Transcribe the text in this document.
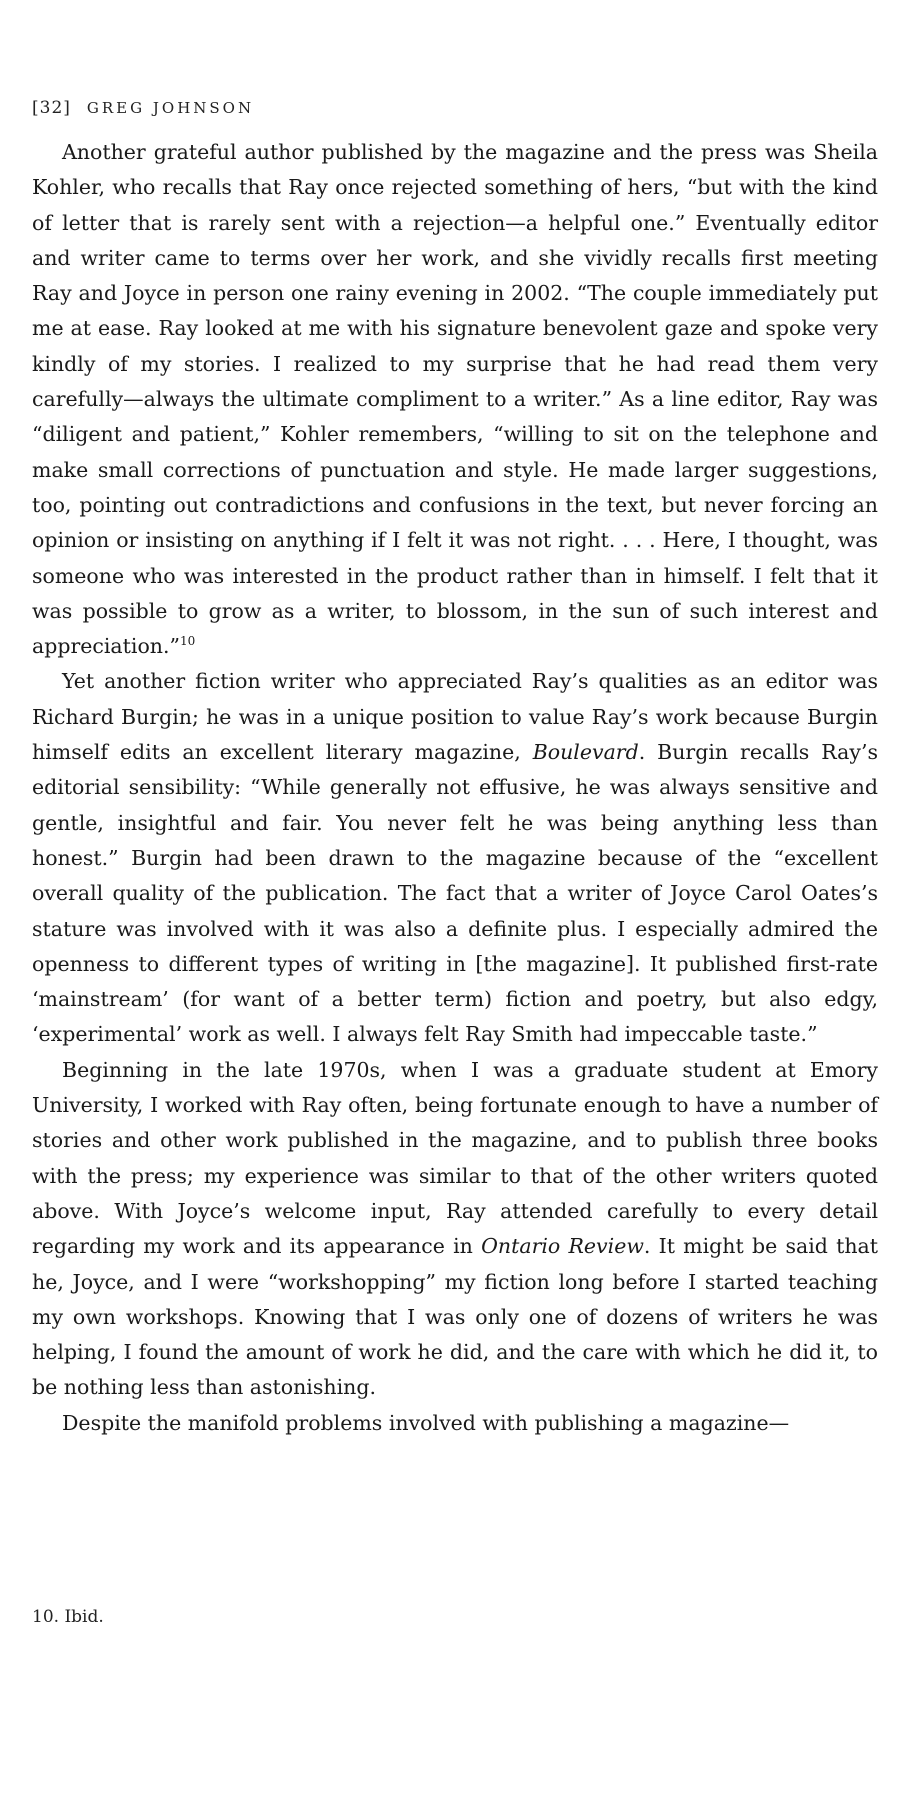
[32] GREG JOHNSON

Another grateful author published by the magazine and the press was Sheila Kohler, who recalls that Ray once rejected something of hers, “but with the kind of letter that is rarely sent with a rejection—a helpful one.” Eventually editor and writer came to terms over her work, and she vividly recalls first meeting Ray and Joyce in person one rainy evening in 2002. “The couple immediately put me at ease. Ray looked at me with his signature benevolent gaze and spoke very kindly of my stories. I realized to my surprise that he had read them very carefully—always the ultimate compliment to a writer.” As a line editor, Ray was “diligent and patient,” Kohler remembers, “willing to sit on the telephone and make small corrections of punctuation and style. He made larger suggestions, too, pointing out contradictions and confusions in the text, but never forcing an opinion or insisting on anything if I felt it was not right. . . . Here, I thought, was someone who was interested in the product rather than in himself. I felt that it was possible to grow as a writer, to blossom, in the sun of such interest and appreciation.”$^{10}$

Yet another fiction writer who appreciated Ray’s qualities as an editor was Richard Burgin; he was in a unique position to value Ray’s work because Burgin himself edits an excellent literary magazine, Boulevard. Burgin recalls Ray’s editorial sensibility: “While generally not effusive, he was always sensitive and gentle, insightful and fair. You never felt he was being anything less than honest.” Burgin had been drawn to the magazine because of the “excellent overall quality of the publication. The fact that a writer of Joyce Carol Oates’s stature was involved with it was also a definite plus. I especially admired the openness to different types of writing in [the magazine]. It published first-rate ‘mainstream’ (for want of a better term) fiction and poetry, but also edgy, ‘experimental’ work as well. I always felt Ray Smith had impeccable taste.”

Beginning in the late 1970s, when I was a graduate student at Emory University, I worked with Ray often, being fortunate enough to have a number of stories and other work published in the magazine, and to publish three books with the press; my experience was similar to that of the other writers quoted above. With Joyce’s welcome input, Ray attended carefully to every detail regarding my work and its appearance in Ontario Review. It might be said that he, Joyce, and I were “workshopping” my fiction long before I started teaching my own workshops. Knowing that I was only one of dozens of writers he was helping, I found the amount of work he did, and the care with which he did it, to be nothing less than astonishing.

Despite the manifold problems involved with publishing a magazine—

10. Ibid.
